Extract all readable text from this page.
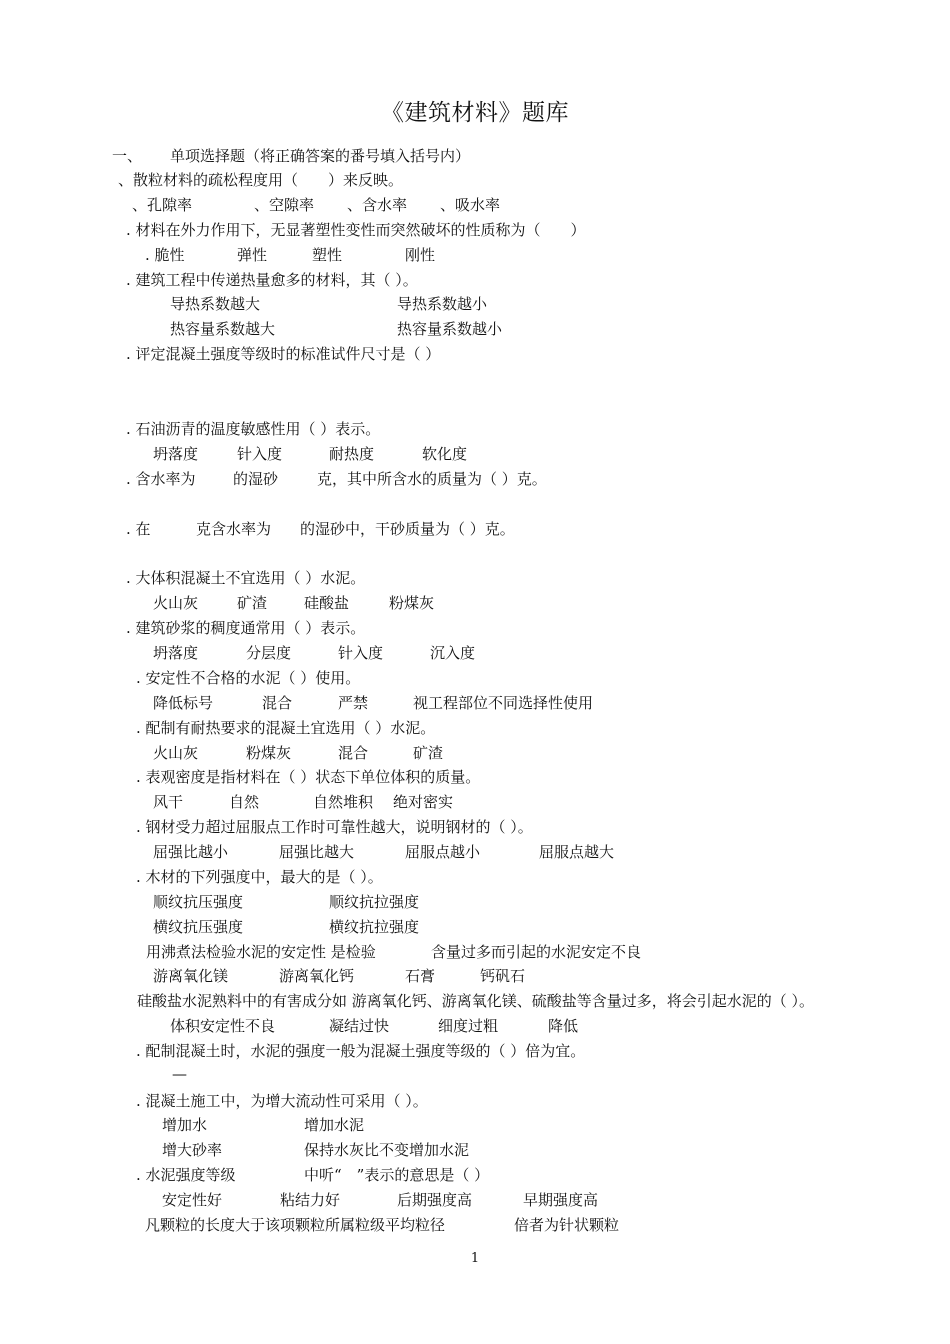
《建筑材料》题库
一、 单项选择题（将正确答案的番号填入括号内）
、散粒材料的疏松程度用（　　）来反映。
、孔隙率	、空隙率 、含水率 、吸水率
. 材料在外力作用下，无显著塑性变性而突然破坏的性质称为（　　）
. 脆性	弹性	塑性	刚性
. 建筑工程中传递热量愈多的材料，其（ ）。
导热系数越大	导热系数越小
热容量系数越大	热容量系数越小
. 评定混凝土强度等级时的标准试件尺寸是（ ）
. 石油沥青的温度敏感性用（ ）表示。
坍落度	针入度	耐热度	软化度
. 含水率为 的湿砂	克，其中所含水的质量为（ ）克。
. 在	克含水率为 的湿砂中，干砂质量为（ ）克。
. 大体积混凝土不宜选用（ ）水泥。
火山灰	矿渣 硅酸盐	粉煤灰
. 建筑砂浆的稠度通常用（ ）表示。
坍落度	分层度	针入度	沉入度
. 安定性不合格的水泥（ ）使用。
降低标号	混合	严禁	视工程部位不同选择性使用
. 配制有耐热要求的混凝土宜选用（ ）水泥。
火山灰	粉煤灰	混合	矿渣
. 表观密度是指材料在（ ）状态下单位体积的质量。
风干	自然	自然堆积 绝对密实
. 钢材受力超过屈服点工作时可靠性越大，说明钢材的（ ）。
屈强比越小	屈强比越大	屈服点越小	屈服点越大
. 木材的下列强度中，最大的是（ ）。
顺纹抗压强度	顺纹抗拉强度
横纹抗压强度	横纹抗拉强度
用沸煮法检验水泥的安定性 是检验	含量过多而引起的水泥安定不良
游离氧化镁	游离氧化钙	石膏	钙矾石
硅酸盐水泥熟料中的有害成分如 游离氧化钙、游离氧化镁、硫酸盐等含量过多，将会引起水泥的（ ）。
体积安定性不良	凝结过快	细度过粗	降低
. 配制混凝土时，水泥的强度一般为混凝土强度等级的（ ）倍为宜。
—
. 混凝土施工中，为增大流动性可采用（ ）。
增加水	增加水泥
增大砂率	保持水灰比不变增加水泥
. 水泥强度等级	中听“　”表示的意思是（ ）
安定性好	粘结力好	后期强度高	早期强度高
凡颗粒的长度大于该项颗粒所属粒级平均粒径	倍者为针状颗粒
1
